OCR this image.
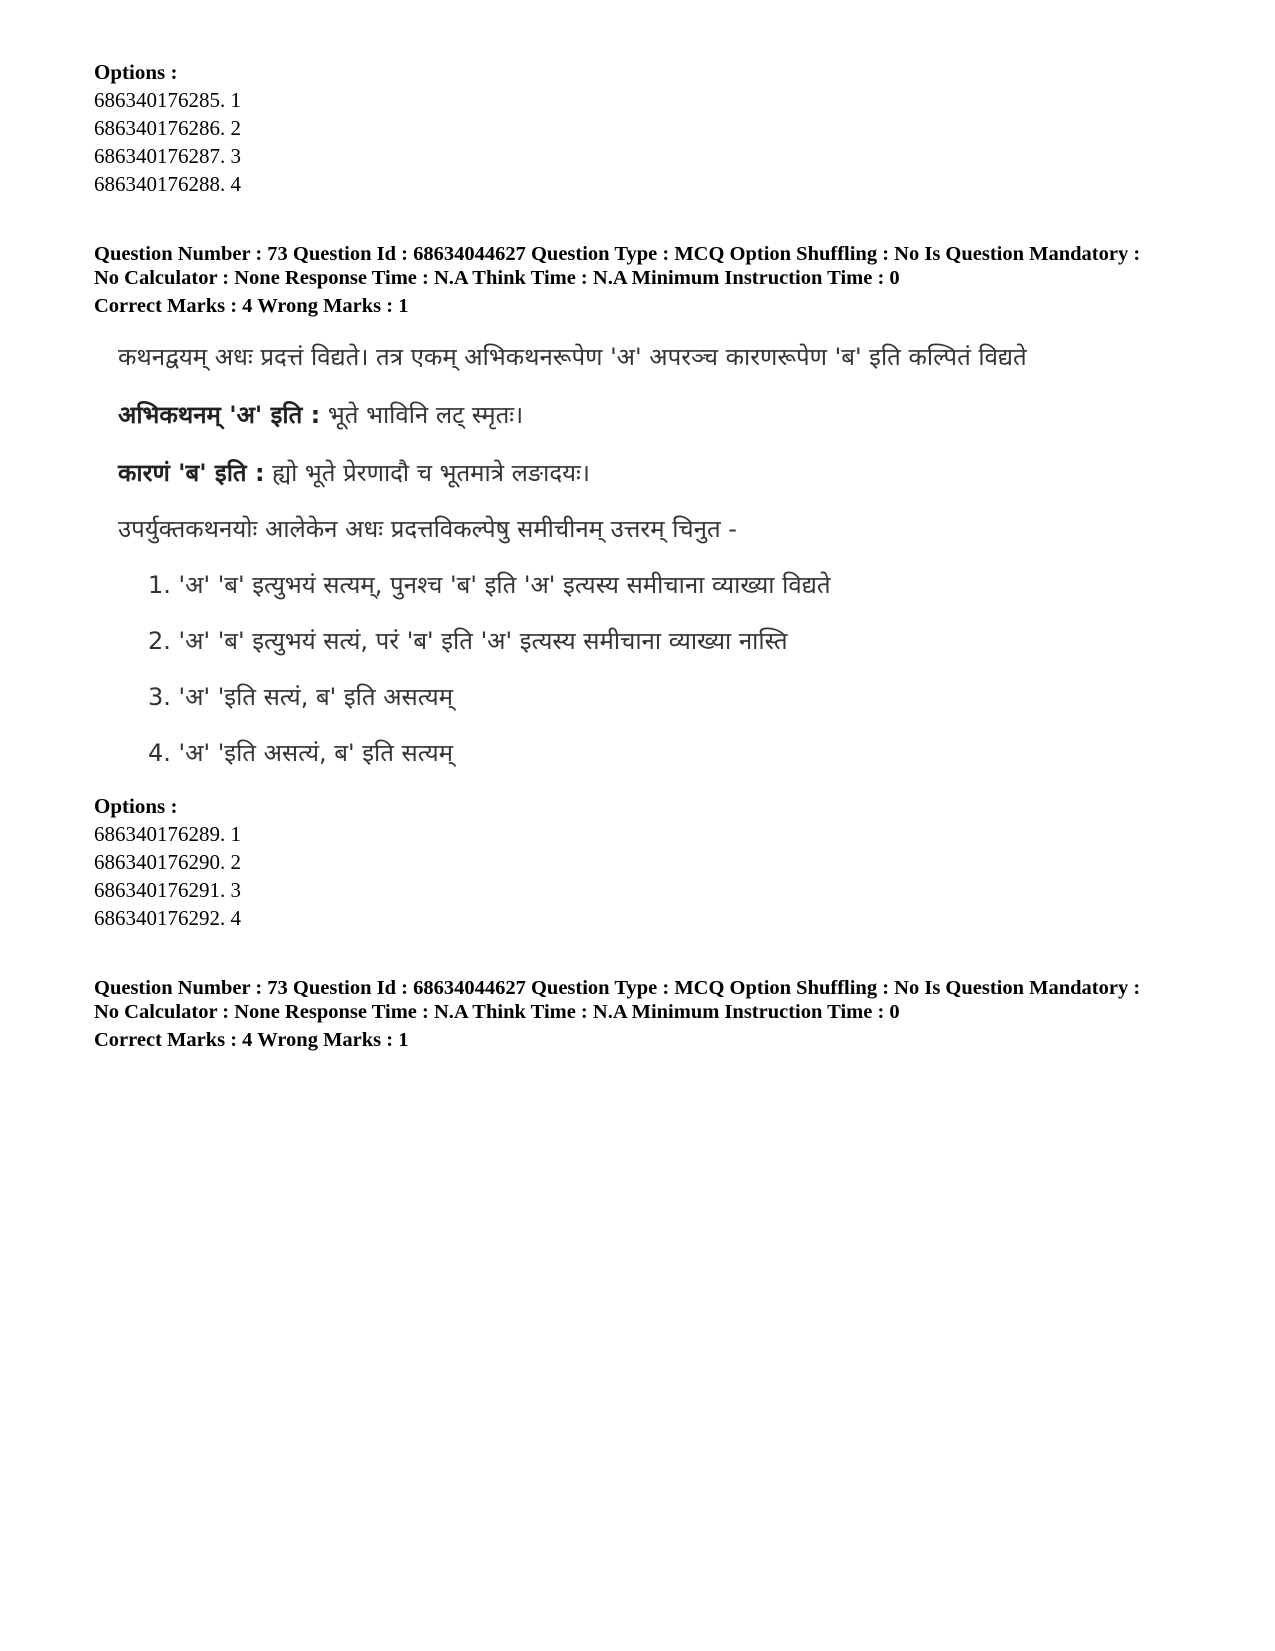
Options :
686340176285. 1
686340176286. 2
686340176287. 3
686340176288. 4
Question Number : 73 Question Id : 68634044627 Question Type : MCQ Option Shuffling : No Is Question Mandatory :
No Calculator : None Response Time : N.A Think Time : N.A Minimum Instruction Time : 0
Correct Marks : 4 Wrong Marks : 1
कथनद्वयम् अधः प्रदत्तं विद्यते। तत्र एकम् अभिकथनरूपेण 'अ' अपरञ्च कारणरूपेण 'ब' इति कल्पितं विद्यते
अभिकथनम् 'अ' इति : भूते भाविनि लट् स्मृतः।
कारणं 'ब' इति : ह्यो भूते प्रेरणादौ च भूतमात्रे लङादयः।
उपर्युक्तकथनयोः आलेकेन अधः प्रदत्तविकल्पेषु समीचीनम् उत्तरम् चिनुत -
1. 'अ' 'ब' इत्युभयं सत्यम्, पुनश्च 'ब' इति 'अ' इत्यस्य समीचाना व्याख्या विद्यते
2. 'अ' 'ब' इत्युभयं सत्यं, परं 'ब' इति 'अ' इत्यस्य समीचाना व्याख्या नास्ति
3. 'अ' 'इति सत्यं, ब' इति असत्यम्
4. 'अ' 'इति असत्यं, ब' इति सत्यम्
Options :
686340176289. 1
686340176290. 2
686340176291. 3
686340176292. 4
Question Number : 73 Question Id : 68634044627 Question Type : MCQ Option Shuffling : No Is Question Mandatory :
No Calculator : None Response Time : N.A Think Time : N.A Minimum Instruction Time : 0
Correct Marks : 4 Wrong Marks : 1
